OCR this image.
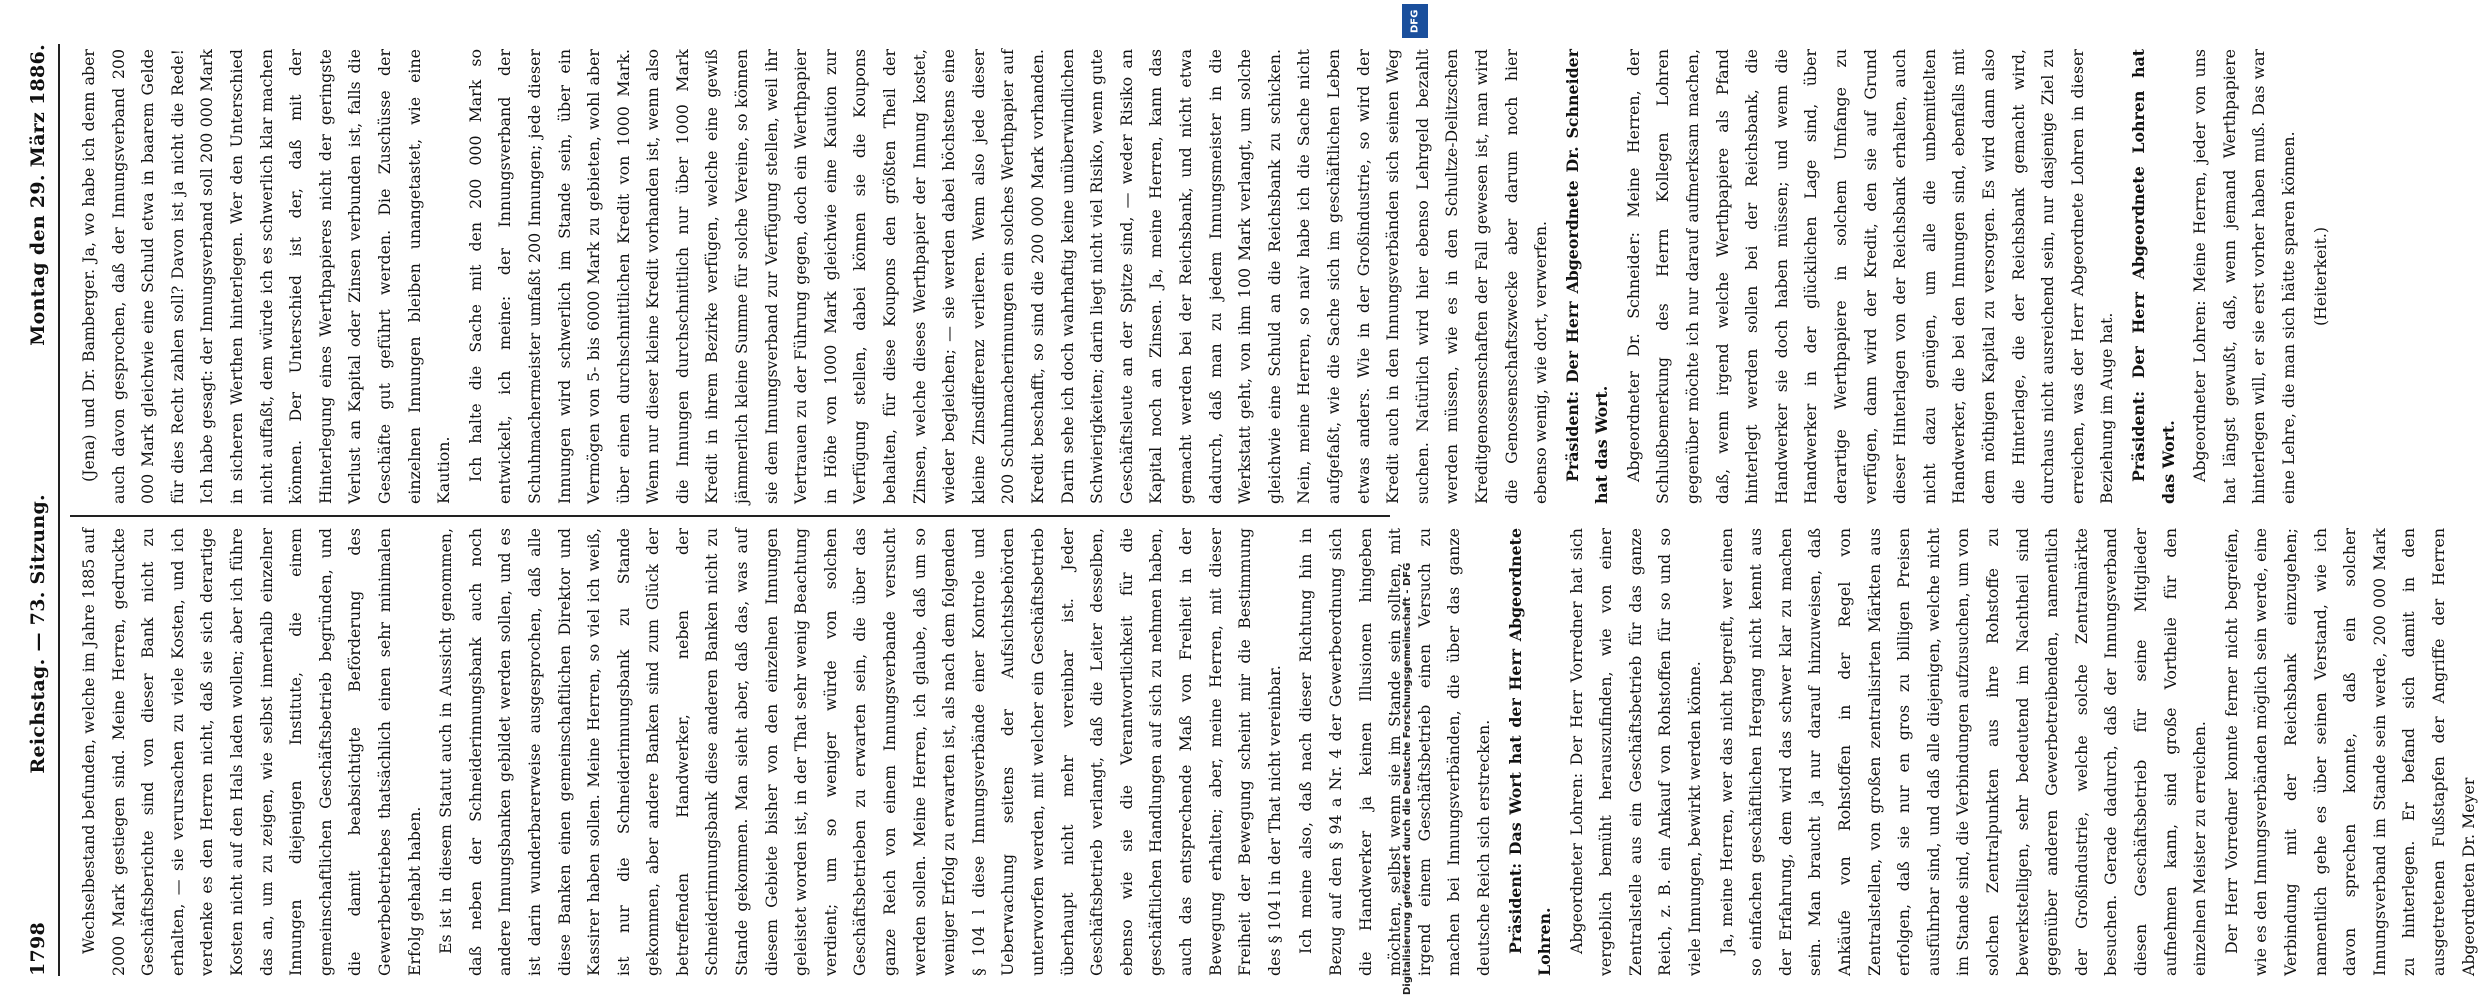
1798
Reichstag. — 73. Sitzung.
Montag den 29. März 1886.

Wechselbestand befunden, welche im Jahre 1885 auf 2000 Mark gestiegen sind. Meine Herren, gedruckte Geschäftsberichte sind von dieser Bank nicht zu erhalten, — sie verursachen zu viele Kosten, und ich verdenke es den Herren nicht, daß sie sich derartige Kosten nicht auf den Hals laden wollen; aber ich führe das an, um zu zeigen, wie selbst innerhalb einzelner Innungen diejenigen Institute, die einem gemeinschaftlichen Geschäftsbetrieb begründen, und die damit beabsichtigte Beförderung des Gewerbebetriebes thatsächlich einen sehr minimalen Erfolg gehabt haben. Es ist in diesem Statut auch in Aussicht genommen, daß neben der Schneiderinnungsbank auch noch andere Innungsbanken gebildet werden sollen, und es ist darin wunderbarerweise ausgesprochen, daß alle diese Banken einen gemeinschaftlichen Direktor und Kassirer haben sollen. Meine Herren, so viel ich weiß, ist nur die Schneiderinnungsbank zu Stande gekommen, aber andere Banken sind zum Glück der betreffenden Handwerker, neben der Schneiderinnungsbank diese anderen Banken nicht zu Stande gekommen. Man sieht aber, daß das, was auf diesem Gebiete bisher von den einzelnen Innungen geleistet worden ist, in der That sehr wenig Beachtung verdient; um so weniger würde von solchen Geschäftsbetrieben zu erwarten sein, die über das ganze Reich von einem Innungsverbande versucht werden sollen. Meine Herren, ich glaube, daß um so weniger Erfolg zu erwarten ist, als nach dem folgenden § 104 l diese Innungsverbände einer Kontrole und Ueberwachung seitens der Aufsichtsbehörden unterworfen werden, mit welcher ein Geschäftsbetrieb überhaupt nicht mehr vereinbar ist. Jeder Geschäftsbetrieb verlangt, daß die Leiter desselben, ebenso wie sie die Verantwortlichkeit für die geschäftlichen Handlungen auf sich zu nehmen haben, auch das entsprechende Maß von Freiheit in der Bewegung erhalten; aber, meine Herren, mit dieser Freiheit der Bewegung scheint mir die Bestimmung des § 104 l in der That nicht vereinbar. Ich meine also, daß nach dieser Richtung hin in Bezug auf den § 94 a Nr. 4 der Gewerbeordnung sich die Handwerker ja keinen Illusionen hingeben möchten, selbst wenn sie im Stande sein sollten, mit irgend einem Geschäftsbetrieb einen Versuch zu machen bei Innungsverbänden, die über das ganze deutsche Reich sich erstrecken. Präsident: Das Wort hat der Herr Abgeordnete Lohren. Abgeordneter Lohren: Der Herr Vorredner hat sich vergeblich bemüht herauszufinden, wie von einer Zentralstelle aus ein Geschäftsbetrieb für das ganze Reich, z. B. ein Ankauf von Rohstoffen für so und so viele Innungen, bewirkt werden könne. Ja, meine Herren, wer das nicht begreift, wer einen so einfachen geschäftlichen Hergang nicht kennt aus der Erfahrung, dem wird das schwer klar zu machen sein. Man braucht ja nur darauf hinzuweisen, daß Ankäufe von Rohstoffen in der Regel von Zentralstellen, von großen zentralisirten Märkten aus erfolgen, daß sie nur en gros zu billigen Preisen ausführbar sind, und daß alle diejenigen, welche nicht im Stande sind, die Verbindungen aufzusuchen, um von solchen Zentralpunkten aus ihre Rohstoffe zu bewerkstelligen, sehr bedeutend im Nachtheil sind gegenüber anderen Gewerbetreibenden, namentlich der Großindustrie, welche solche Zentralmärkte besuchen. Gerade dadurch, daß der Innungsverband diesen Geschäftsbetrieb für seine Mitglieder aufnehmen kann, sind große Vortheile für den einzelnen Meister zu erreichen. Der Herr Vorredner konnte ferner nicht begreifen, wie es den Innungsverbänden möglich sein werde, eine Verbindung mit der Reichsbank einzugehen; namentlich gehe es über seinen Verstand, wie ich davon sprechen konnte, daß ein solcher Innungsverband im Stande sein werde, 200 000 Mark zu hinterlegen. Er befand sich damit in den ausgetretenen Fußstapfen der Angriffe der Herren Abgeordneten Dr. Meyer

(Jena) und Dr. Bamberger. Ja, wo habe ich denn aber auch davon gesprochen, daß der Innungsverband 200 000 Mark gleichwie eine Schuld etwa in baarem Gelde für dies Recht zahlen soll? Davon ist ja nicht die Rede! Ich habe gesagt: der Innungsverband soll 200 000 Mark in sicheren Werthen hinterlegen. Wer den Unterschied nicht auffaßt, dem würde ich es schwerlich klar machen können. Der Unterschied ist der, daß mit der Hinterlegung eines Werthpapieres nicht der geringste Verlust an Kapital oder Zinsen verbunden ist, falls die Geschäfte gut geführt werden. Die Zuschüsse der einzelnen Innungen bleiben unangetastet, wie eine Kaution. Ich halte die Sache mit den 200 000 Mark so entwickelt, ich meine: der Innungsverband der Schuhmachermeister umfaßt 200 Innungen; jede dieser Innungen wird schwerlich im Stande sein, über ein Vermögen von 5- bis 6000 Mark zu gebieten, wohl aber über einen durchschnittlichen Kredit von 1000 Mark. Wenn nur dieser kleine Kredit vorhanden ist, wenn also die Innungen durchschnittlich nur über 1000 Mark Kredit in ihrem Bezirke verfügen, welche eine gewiß jämmerlich kleine Summe für solche Vereine, so können sie dem Innungsverband zur Verfügung stellen, weil ihr Vertrauen zu der Führung gegen, doch ein Werthpapier in Höhe von 1000 Mark gleichwie eine Kaution zur Verfügung stellen, dabei können sie die Koupons behalten, für diese Koupons den größten Theil der Zinsen, welche dieses Werthpapier der Innung kostet, wieder begleichen; — sie werden dabei höchstens eine kleine Zinsdifferenz verlieren. Wenn also jede dieser 200 Schuhmacherinnungen ein solches Werthpapier auf Kredit beschafft, so sind die 200 000 Mark vorhanden. Darin sehe ich doch wahrhaftig keine unüberwindlichen Schwierigkeiten; darin liegt nicht viel Risiko, wenn gute Geschäftsleute an der Spitze sind, — weder Risiko an Kapital noch an Zinsen. Ja, meine Herren, kann das gemacht werden bei der Reichsbank, und nicht etwa dadurch, daß man zu jedem Innungsmeister in die Werkstatt geht, von ihm 100 Mark verlangt, um solche gleichwie eine Schuld an die Reichsbank zu schicken. Nein, meine Herren, so naiv habe ich die Sache nicht aufgefaßt, wie die Sache sich im geschäftlichen Leben etwas anders. Wie in der Großindustrie, so wird der Kredit auch in den Innungsverbänden sich seinen Weg suchen. Natürlich wird hier ebenso Lehrgeld bezahlt werden müssen, wie es in den Schultze-Delitzschen Kreditgenossenschaften der Fall gewesen ist, man wird die Genossenschaftszwecke aber darum noch hier ebenso wenig, wie dort, verwerfen. Präsident: Der Herr Abgeordnete Dr. Schneider hat das Wort. Abgeordneter Dr. Schneider: Meine Herren, der Schlußbemerkung des Herrn Kollegen Lohren gegenüber möchte ich nur darauf aufmerksam machen, daß, wenn irgend welche Werthpapiere als Pfand hinterlegt werden sollen bei der Reichsbank, die Handwerker sie doch haben müssen; und wenn die Handwerker in der glücklichen Lage sind, über derartige Werthpapiere in solchem Umfange zu verfügen, dann wird der Kredit, den sie auf Grund dieser Hinterlagen von der Reichsbank erhalten, auch nicht dazu genügen, um alle die unbemittelten Handwerker, die bei den Innungen sind, ebenfalls mit dem nöthigen Kapital zu versorgen. Es wird dann also die Hinterlage, die der Reichsbank gemacht wird, durchaus nicht ausreichend sein, nur dasjenige Ziel zu erreichen, was der Herr Abgeordnete Lohren in dieser Beziehung im Auge hat. Präsident: Der Herr Abgeordnete Lohren hat das Wort. Abgeordneter Lohren: Meine Herren, jeder von uns hat längst gewußt, daß, wenn jemand Werthpapiere hinterlegen will, er sie erst vorher haben muß. Das war eine Lehre, die man sich hätte sparen können. (Heiterkeit.)

DFG
Digitalisierung gefördert durch die Deutsche Forschungsgemeinschaft - DFG
